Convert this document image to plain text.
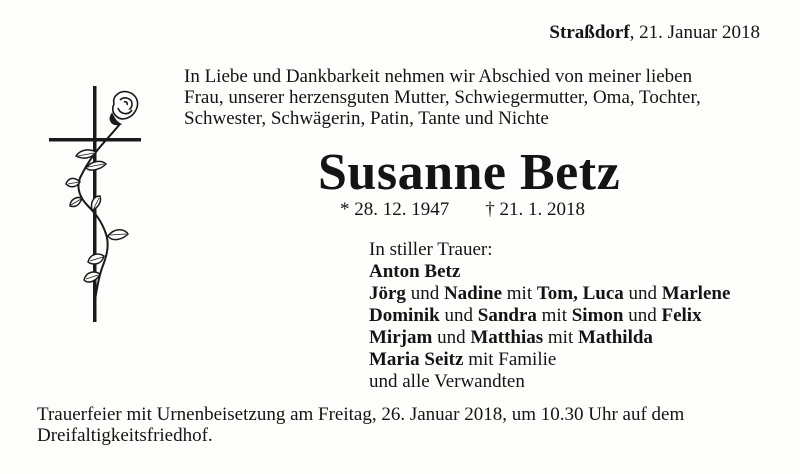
Straßdorf, 21. Januar 2018
In Liebe und Dankbarkeit nehmen wir Abschied von meiner lieben
Frau, unserer herzensguten Mutter, Schwiegermutter, Oma, Tochter,
Schwester, Schwägerin, Patin, Tante und Nichte
Susanne Betz
* 28. 12. 1947 † 21. 1. 2018
In stiller Trauer:
Anton Betz
Jörg und Nadine mit Tom, Luca und Marlene
Dominik und Sandra mit Simon und Felix
Mirjam und Matthias mit Mathilda
Maria Seitz mit Familie
und alle Verwandten
Trauerfeier mit Urnenbeisetzung am Freitag, 26. Januar 2018, um 10.30 Uhr auf dem
Dreifaltigkeitsfriedhof.
